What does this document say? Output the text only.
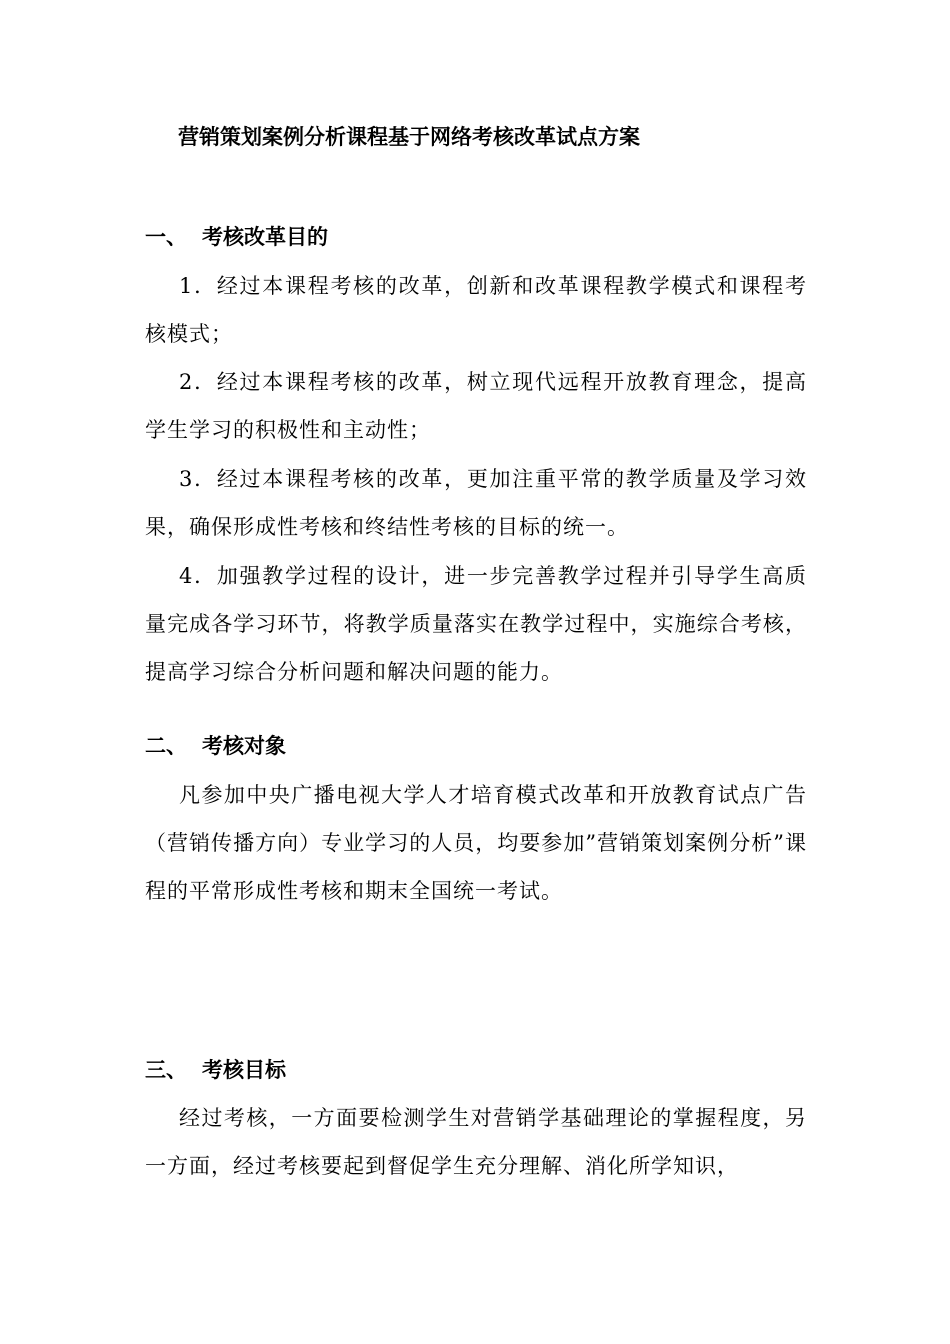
营销策划案例分析课程基于网络考核改革试点方案
一、 考核改革目的
1．经过本课程考核的改革，创新和改革课程教学模式和课程考核模式；
2．经过本课程考核的改革，树立现代远程开放教育理念，提高学生学习的积极性和主动性；
3．经过本课程考核的改革，更加注重平常的教学质量及学习效果，确保形成性考核和终结性考核的目标的统一。
4．加强教学过程的设计，进一步完善教学过程并引导学生高质量完成各学习环节，将教学质量落实在教学过程中，实施综合考核，提高学习综合分析问题和解决问题的能力。
二、 考核对象
凡参加中央广播电视大学人才培育模式改革和开放教育试点广告（营销传播方向）专业学习的人员，均要参加”营销策划案例分析”课程的平常形成性考核和期末全国统一考试。
三、 考核目标
经过考核，一方面要检测学生对营销学基础理论的掌握程度，另一方面，经过考核要起到督促学生充分理解、消化所学知识，
